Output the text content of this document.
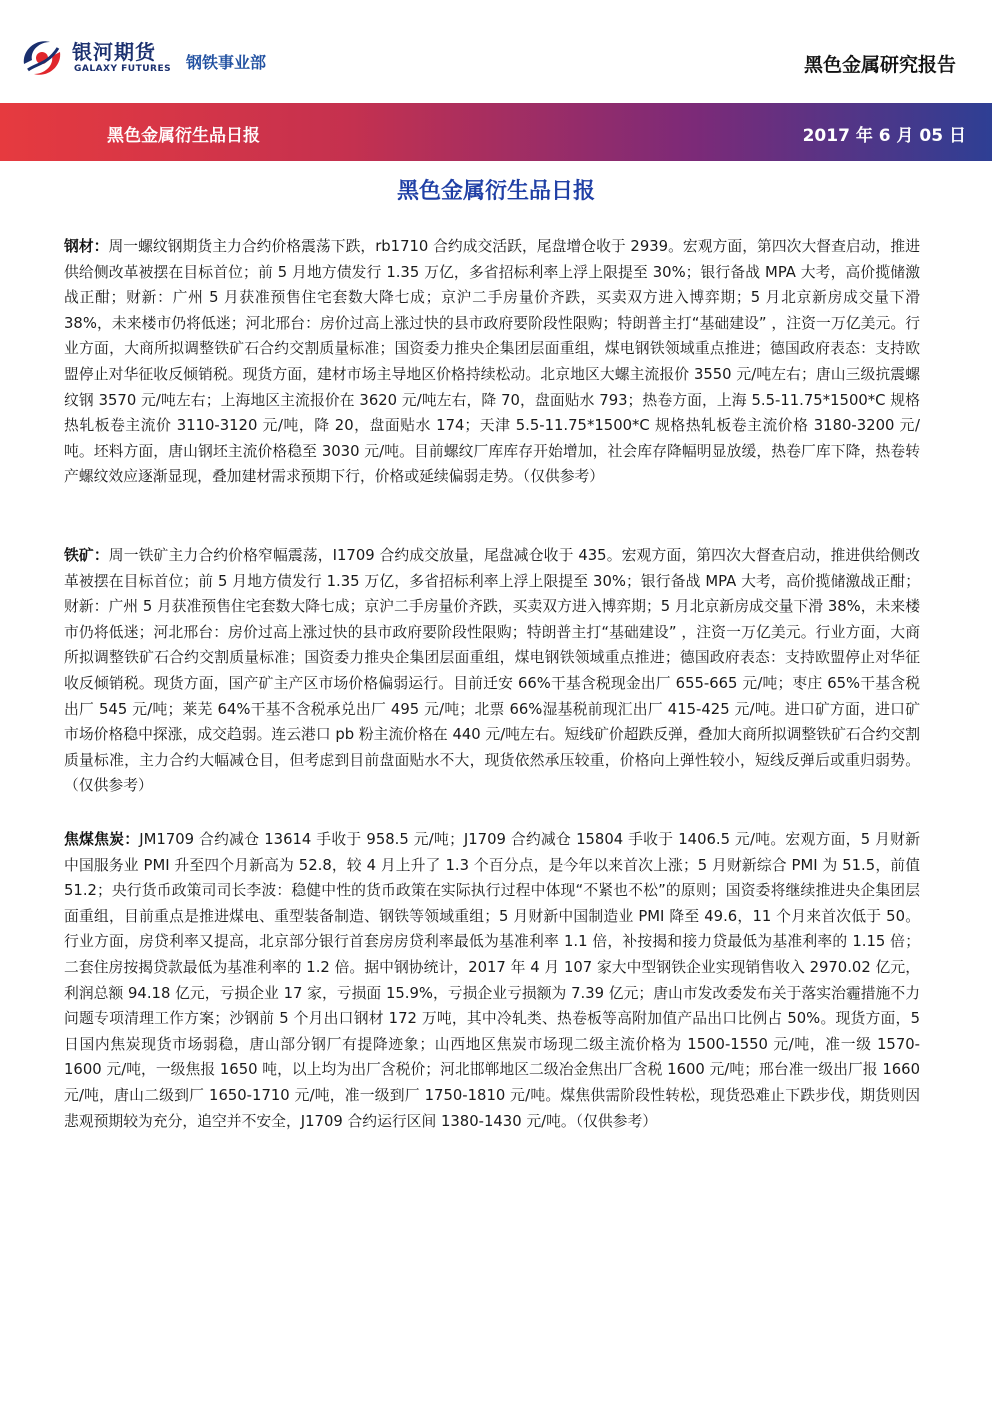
银河期货
GALAXY FUTURES 钢铁事业部	黑色金属研究报告
黑色金属衍生品日报	2017 年 6 月 05 日
黑色金属衍生品日报

钢材：周一螺纹钢期货主力合约价格震荡下跌，rb1710 合约成交活跃，尾盘增仓收于 2939。宏观方面，第四次大督查启动，推进供给侧改革被摆在目标首位；前 5 月地方债发行 1.35 万亿，多省招标利率上浮上限提至 30%；银行备战 MPA 大考，高价揽储激战正酣；财新：广州 5 月获准预售住宅套数大降七成；京沪二手房量价齐跌，买卖双方进入博弈期；5 月北京新房成交量下滑 38%，未来楼市仍将低迷；河北邢台：房价过高上涨过快的县市政府要阶段性限购；特朗普主打“基础建设” ，注资一万亿美元。行业方面，大商所拟调整铁矿石合约交割质量标准；国资委力推央企集团层面重组，煤电钢铁领域重点推进；德国政府表态：支持欧盟停止对华征收反倾销税。现货方面，建材市场主导地区价格持续松动。北京地区大螺主流报价 3550 元/吨左右；唐山三级抗震螺纹钢 3570 元/吨左右；上海地区主流报价在 3620 元/吨左右，降 70，盘面贴水 793；热卷方面，上海 5.5-11.75*1500*C 规格热轧板卷主流价 3110-3120 元/吨，降 20，盘面贴水 174；天津 5.5-11.75*1500*C 规格热轧板卷主流价格 3180-3200 元/吨。坯料方面，唐山钢坯主流价格稳至 3030 元/吨。目前螺纹厂库库存开始增加，社会库存降幅明显放缓，热卷厂库下降，热卷转产螺纹效应逐渐显现，叠加建材需求预期下行，价格或延续偏弱走势。（仅供参考）

铁矿：周一铁矿主力合约价格窄幅震荡，I1709 合约成交放量，尾盘减仓收于 435。宏观方面，第四次大督查启动，推进供给侧改革被摆在目标首位；前 5 月地方债发行 1.35 万亿，多省招标利率上浮上限提至 30%；银行备战 MPA 大考，高价揽储激战正酣；财新：广州 5 月获准预售住宅套数大降七成；京沪二手房量价齐跌，买卖双方进入博弈期；5 月北京新房成交量下滑 38%，未来楼市仍将低迷；河北邢台：房价过高上涨过快的县市政府要阶段性限购；特朗普主打“基础建设” ，注资一万亿美元。行业方面，大商所拟调整铁矿石合约交割质量标准；国资委力推央企集团层面重组，煤电钢铁领域重点推进；德国政府表态：支持欧盟停止对华征收反倾销税。现货方面，国产矿主产区市场价格偏弱运行。目前迁安 66%干基含税现金出厂 655-665 元/吨；枣庄 65%干基含税出厂 545 元/吨；莱芜 64%干基不含税承兑出厂 495 元/吨；北票 66%湿基税前现汇出厂 415-425 元/吨。进口矿方面，进口矿市场价格稳中探涨，成交趋弱。连云港口 pb 粉主流价格在 440 元/吨左右。短线矿价超跌反弹，叠加大商所拟调整铁矿石合约交割质量标准，主力合约大幅减仓目，但考虑到目前盘面贴水不大，现货依然承压较重，价格向上弹性较小，短线反弹后或重归弱势。（仅供参考）

焦煤焦炭：JM1709 合约减仓 13614 手收于 958.5 元/吨；J1709 合约减仓 15804 手收于 1406.5 元/吨。宏观方面，5 月财新中国服务业 PMI 升至四个月新高为 52.8，较 4 月上升了 1.3 个百分点，是今年以来首次上涨；5 月财新综合 PMI 为 51.5，前值 51.2；央行货币政策司司长李波：稳健中性的货币政策在实际执行过程中体现“不紧也不松”的原则；国资委将继续推进央企集团层面重组，目前重点是推进煤电、重型装备制造、钢铁等领域重组；5 月财新中国制造业 PMI 降至 49.6，11 个月来首次低于 50。行业方面，房贷利率又提高，北京部分银行首套房房贷利率最低为基准利率 1.1 倍，补按揭和接力贷最低为基准利率的 1.15 倍；二套住房按揭贷款最低为基准利率的 1.2 倍。据中钢协统计，2017 年 4 月 107 家大中型钢铁企业实现销售收入 2970.02 亿元，利润总额 94.18 亿元，亏损企业 17 家，亏损面 15.9%，亏损企业亏损额为 7.39 亿元；唐山市发改委发布关于落实治霾措施不力问题专项清理工作方案；沙钢前 5 个月出口钢材 172 万吨，其中冷轧类、热卷板等高附加值产品出口比例占 50%。现货方面，5 日国内焦炭现货市场弱稳，唐山部分钢厂有提降迹象；山西地区焦炭市场现二级主流价格为 1500-1550 元/吨，准一级 1570-1600 元/吨，一级焦报 1650 吨，以上均为出厂含税价；河北邯郸地区二级冶金焦出厂含税 1600 元/吨；邢台准一级出厂报 1660 元/吨，唐山二级到厂 1650-1710 元/吨，准一级到厂 1750-1810 元/吨。煤焦供需阶段性转松，现货恐难止下跌步伐，期货则因悲观预期较为充分，追空并不安全，J1709 合约运行区间 1380-1430 元/吨。（仅供参考）
